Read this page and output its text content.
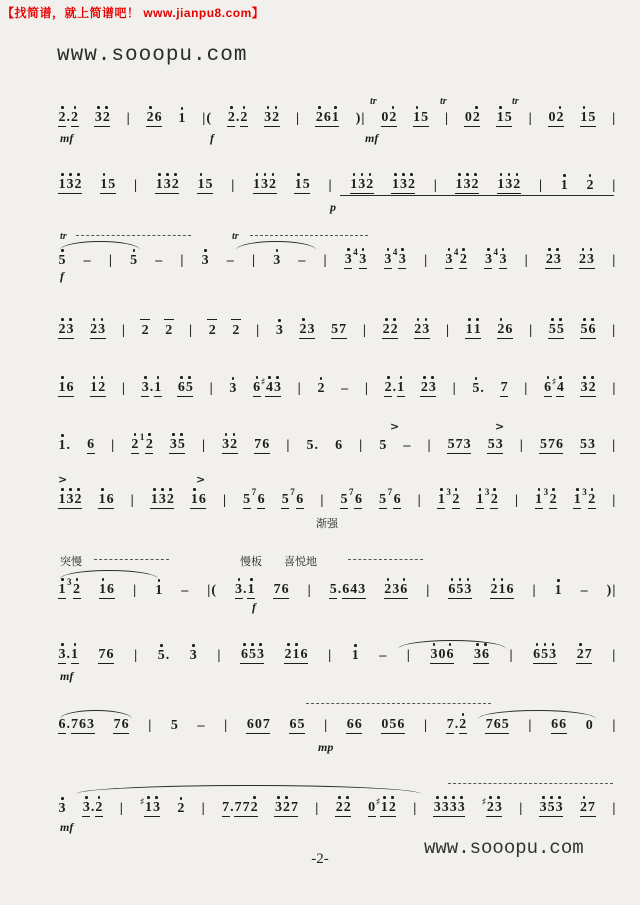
【找简谱，就上简谱吧！ www.jianpu8.com】
www.sooopu.com
2.2 32 | 26 1 |( 2.2 32 | 261 )| 02 15 | 02 15 | 02 15 |
mf	f	mf
tr	tr	tr
132 15 | 132 15 | 132 15 | 132 132 | 132 132 | 1 2 |
p
5 – | 5 – | 3 – | 3 – | 3 4 3 3 4 3 | 3 4 2 3 4 3 | 23 23 |
f
tr	tr
23 23 | 2 2 | 2 2 | 3 23 57 | 22 23 | 11 26 | 55 56 |
16 12 | 3.1 65 | 3 6♯43 | 2 – | 2.1 23 | 5. 7 | 6♯4 32 |
1. 6 | 2 1 2 35 | 32 76 | 5. 6 | 5 – | 573 53 | 576 53 |
>	>
132 16 | 132 16 | 5 7 6 5 7 6 | 5 7 6 5 7 6 | 1 3 2 1 3 2 | 1 3 2 1 3 2 |
>	>
渐强
1 3 2 16 | 1 – |( 3.1 76 | 5.643 236 | 653 216 | 1 – )|
突慢	慢板 喜悦地
f
3.1 76 | 5. 3 | 653 216 | 1 – | 306 36 | 653 27 |
mf
6.763 76 | 5 – | 607 65 | 66 056 | 7.2 765 | 66 0 |
mp
3 3.2 | ♯13 2 | 7.772 327 | 22 0♯12 | 3333 ♯23 | 353 27 |
mf
www.sooopu.com
-2-
